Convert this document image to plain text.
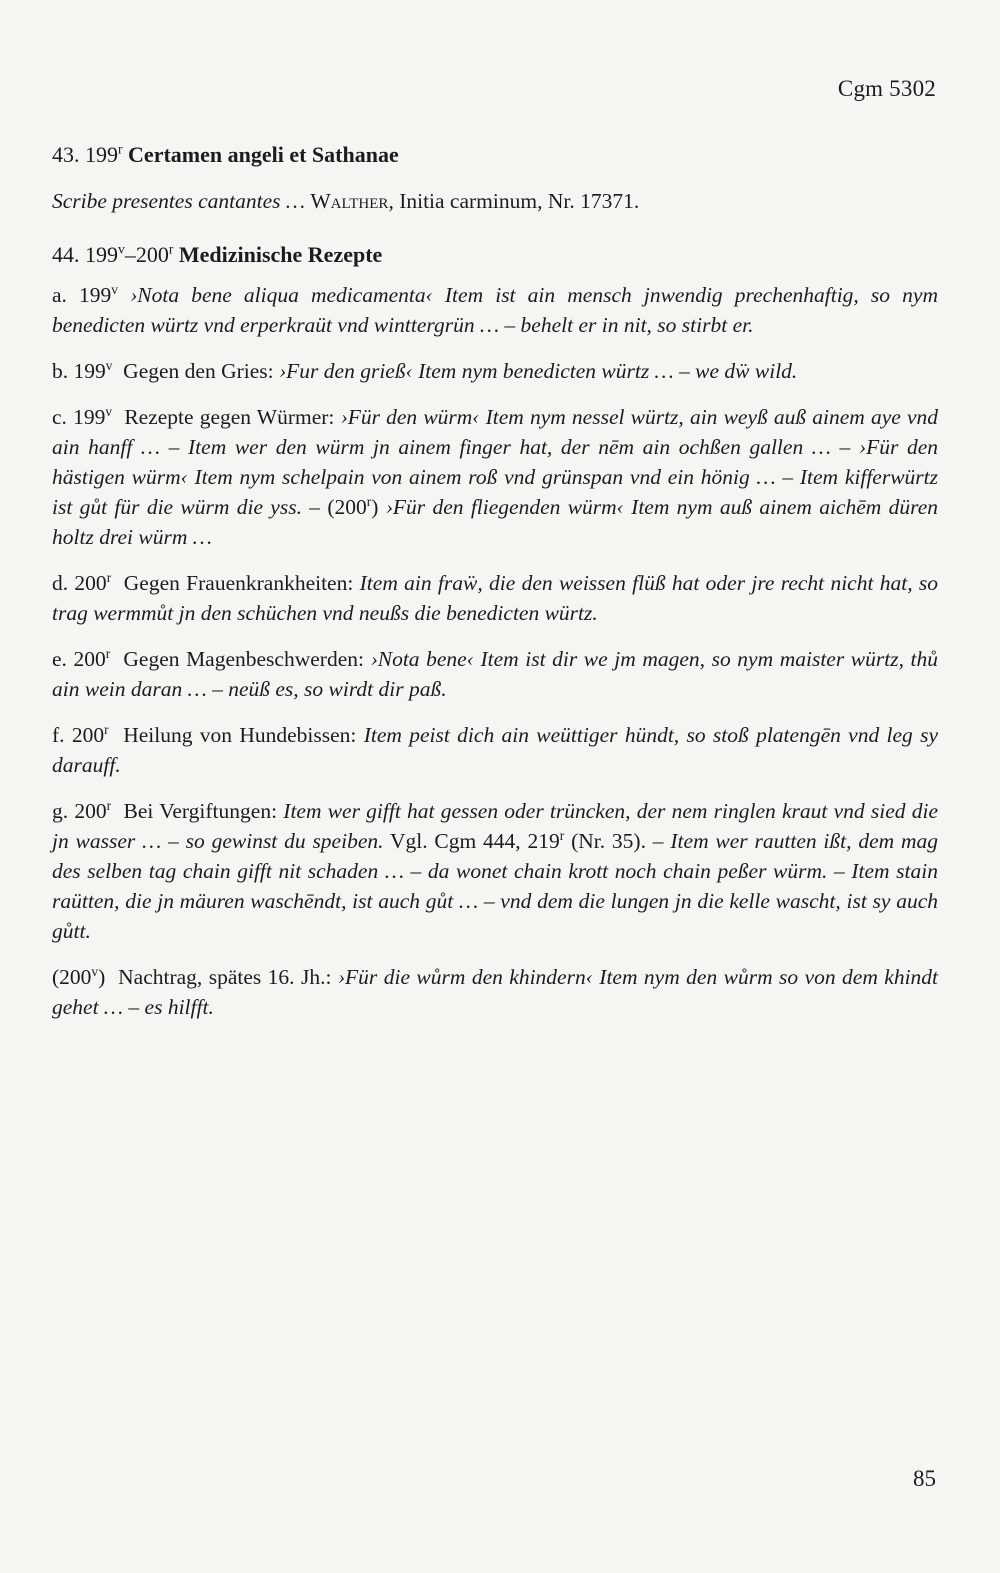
Cgm 5302

43. 199$^r$ Certamen angeli et Sathanae

Scribe presentes cantantes … Walther, Initia carminum, Nr. 17371.

44. 199$^v$–200$^r$ Medizinische Rezepte

a. 199$^v$ ›Nota bene aliqua medicamenta‹ Item ist ain mensch jnwendig prechenhaftig, so nym benedicten würtz vnd erperkraüt vnd winttergrün … – behelt er in nit, so stirbt er.

b. 199$^v$ Gegen den Gries: ›Fur den grieß‹ Item nym benedicten würtz … – we dẅ wild.

c. 199$^v$ Rezepte gegen Würmer: ›Für den würm‹ Item nym nessel würtz, ain weyß auß ainem aye vnd ain hanff … – Item wer den würm jn ainem finger hat, der nēm ain ochßen gallen … – ›Für den hästigen würm‹ Item nym schelpain von ainem roß vnd grünspan vnd ein hönig … – Item kifferwürtz ist gůt für die würm die yss. – (200$^r$) ›Für den fliegenden würm‹ Item nym auß ainem aichēm düren holtz drei würm …

d. 200$^r$ Gegen Frauenkrankheiten: Item ain fraẅ, die den weissen flüß hat oder jre recht nicht hat, so trag wermmůt jn den schüchen vnd neußs die benedicten würtz.

e. 200$^r$ Gegen Magenbeschwerden: ›Nota bene‹ Item ist dir we jm magen, so nym maister würtz, thů ain wein daran … – neüß es, so wirdt dir paß.

f. 200$^r$ Heilung von Hundebissen: Item peist dich ain weüttiger hündt, so stoß platengēn vnd leg sy darauff.

g. 200$^r$ Bei Vergiftungen: Item wer gifft hat gessen oder trüncken, der nem ringlen kraut vnd sied die jn wasser … – so gewinst du speiben. Vgl. Cgm 444, 219$^r$ (Nr. 35). – Item wer rautten ißt, dem mag des selben tag chain gifft nit schaden … – da wonet chain krott noch chain peßer würm. – Item stain raütten, die jn mäuren waschēndt, ist auch gůt … – vnd dem die lungen jn die kelle wascht, ist sy auch gůtt.

(200$^v$) Nachtrag, spätes 16. Jh.: ›Für die wůrm den khindern‹ Item nym den wůrm so von dem khindt gehet … – es hilfft.

85
